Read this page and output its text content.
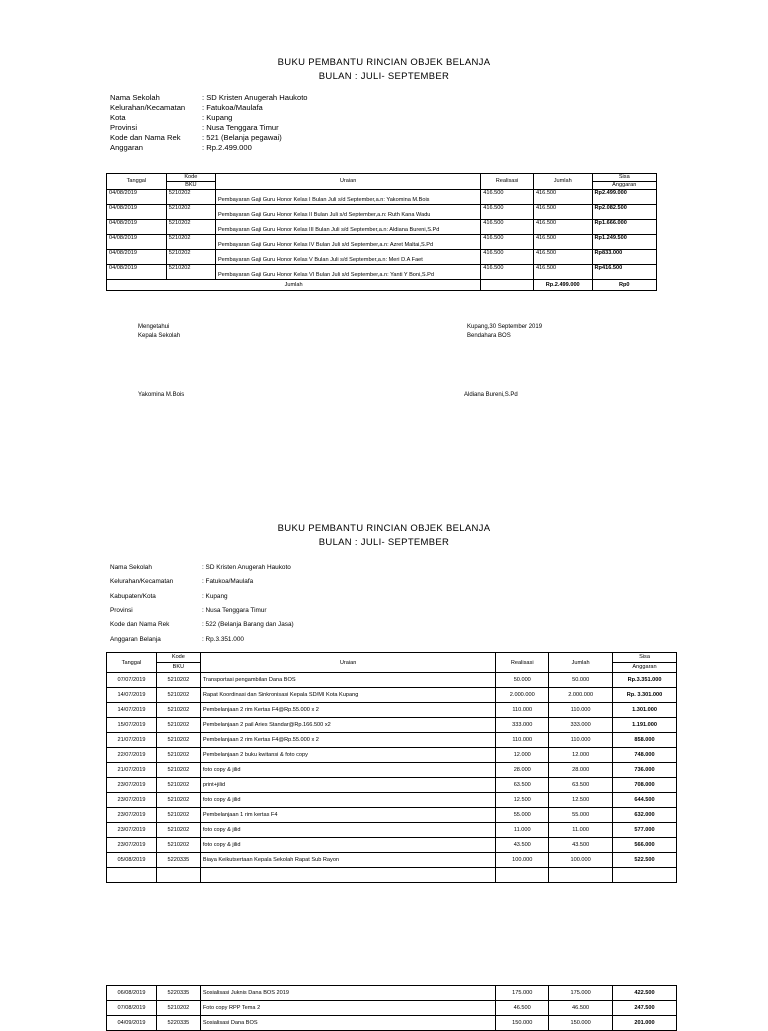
BUKU PEMBANTU RINCIAN OBJEK BELANJA
BULAN : JULI- SEPTEMBER
Nama Sekolah	: SD Kristen Anugerah Haukoto
Kelurahan/Kecamatan : Fatukoa/Maulafa
Kota	: Kupang
Provinsi	: Nusa Tenggara Timur
Kode dan Nama Rek	: 521 (Belanja pegawai)
Anggaran	: Rp.2.499.000
Tanggal	Kode	Uraian	Realisasi	Jumlah	Sisa
	BKU				Anggaran
04/08/2019	5210202	Pembayaran Gaji Guru Honor Kelas I Bulan Juli s/d September,a.n: Yakomina M.Bois	416.500	416.500	Rp2.499.000
04/08/2019	5210202	Pembayaran Gaji Guru Honor Kelas II Bulan Juli s/d September,a.n: Ruth Kana Wadu	416.500	416.500	Rp2.082.500
04/08/2019	5210202	Pembayaran Gaji Guru Honor Kelas III Bulan Juli s/d September,a.n: Aldiana Bureni,S.Pd	416.500	416.500	Rp1.666.000
04/08/2019	5210202	Pembayaran Gaji Guru Honor Kelas IV Bulan Juli s/d September,a.n: Azret Maltai,S.Pd	416.500	416.500	Rp1.249.500
04/08/2019	5210202	Pembayaran Gaji Guru Honor Kelas V Bulan Juli s/d September,a.n: Meri D.A Faet	416.500	416.500	Rp833.000
04/08/2019	5210202	Pembayaran Gaji Guru Honor Kelas VI Bulan Juli s/d September,a.n: Yanti Y Boni,S.Pd	416.500	416.500	Rp416.500
Jumlah				Rp.2.499.000	Rp0
Mengetahui
Kepala Sekolah
Yakomina M.Bois
Kupang,30 September 2019
Bendahara BOS
Aldiana Bureni,S.Pd
BUKU PEMBANTU RINCIAN OBJEK BELANJA
BULAN : JULI- SEPTEMBER
Nama Sekolah	: SD Kristen Anugerah Haukoto
Kelurahan/Kecamatan	: Fatukoa/Maulafa
Kabupaten/Kota	: Kupang
Provinsi	: Nusa Tenggara Timur
Kode dan Nama Rek	: 522 (Belanja Barang dan Jasa)
Anggaran Belanja	: Rp.3.351.000
Tanggal	Kode	Uraian	Realisasi	Jumlah	Sisa
	BKU				Anggaran
07/07/2019	5210202	Transportasi pengambilan Dana BOS	50.000	50.000	Rp.3.351.000
14/07/2019	5210202	Rapat Koordinasi dan Sinkronisasi Kepala SD/MI Kota Kupang	2.000.000	2.000.000	Rp. 3.301.000
14/07/2019	5210202	Pembelanjaan 2 rim Kertas F4@Rp.55.000 x 2	110.000	110.000	1.301.000
15/07/2019	5210202	Pembelanjaan 2 pail Aries Standar@Rp.166.500 x2	333.000	333.000	1.191.000
21/07/2019	5210202	Pembelanjaan 2 rim Kertas F4@Rp.55.000 x 2	110.000	110.000	858.000
22/07/2019	5210202	Pembelanjaan 2 buku kwitansi & foto copy	12.000	12.000	748.000
21/07/2019	5210202	foto copy & jilid	28.000	28.000	736.000
23/07/2019	5210202	print+jilid	63.500	63.500	708.000
23/07/2019	5210202	foto copy & jilid	12.500	12.500	644.500
23/07/2019	5210202	Pembelanjaan 1 rim kertas F4	55.000	55.000	632.000
23/07/2019	5210202	foto copy & jilid	11.000	11.000	577.000
23/07/2019	5210202	foto copy & jilid	43.500	43.500	566.000
05/08/2019	5220335	Biaya Keikutsertaan Kepala Sekolah Rapat Sub Rayon	100.000	100.000	522.500

06/08/2019	5220335	Sosialisasi Juknis Dana BOS 2019	175.000	175.000	422.500
07/08/2019	5210202	Foto copy RPP Tema 2	46.500	46.500	247.500
04/09/2019	5220335	Sosialisasi Dana BOS	150.000	150.000	201.000
